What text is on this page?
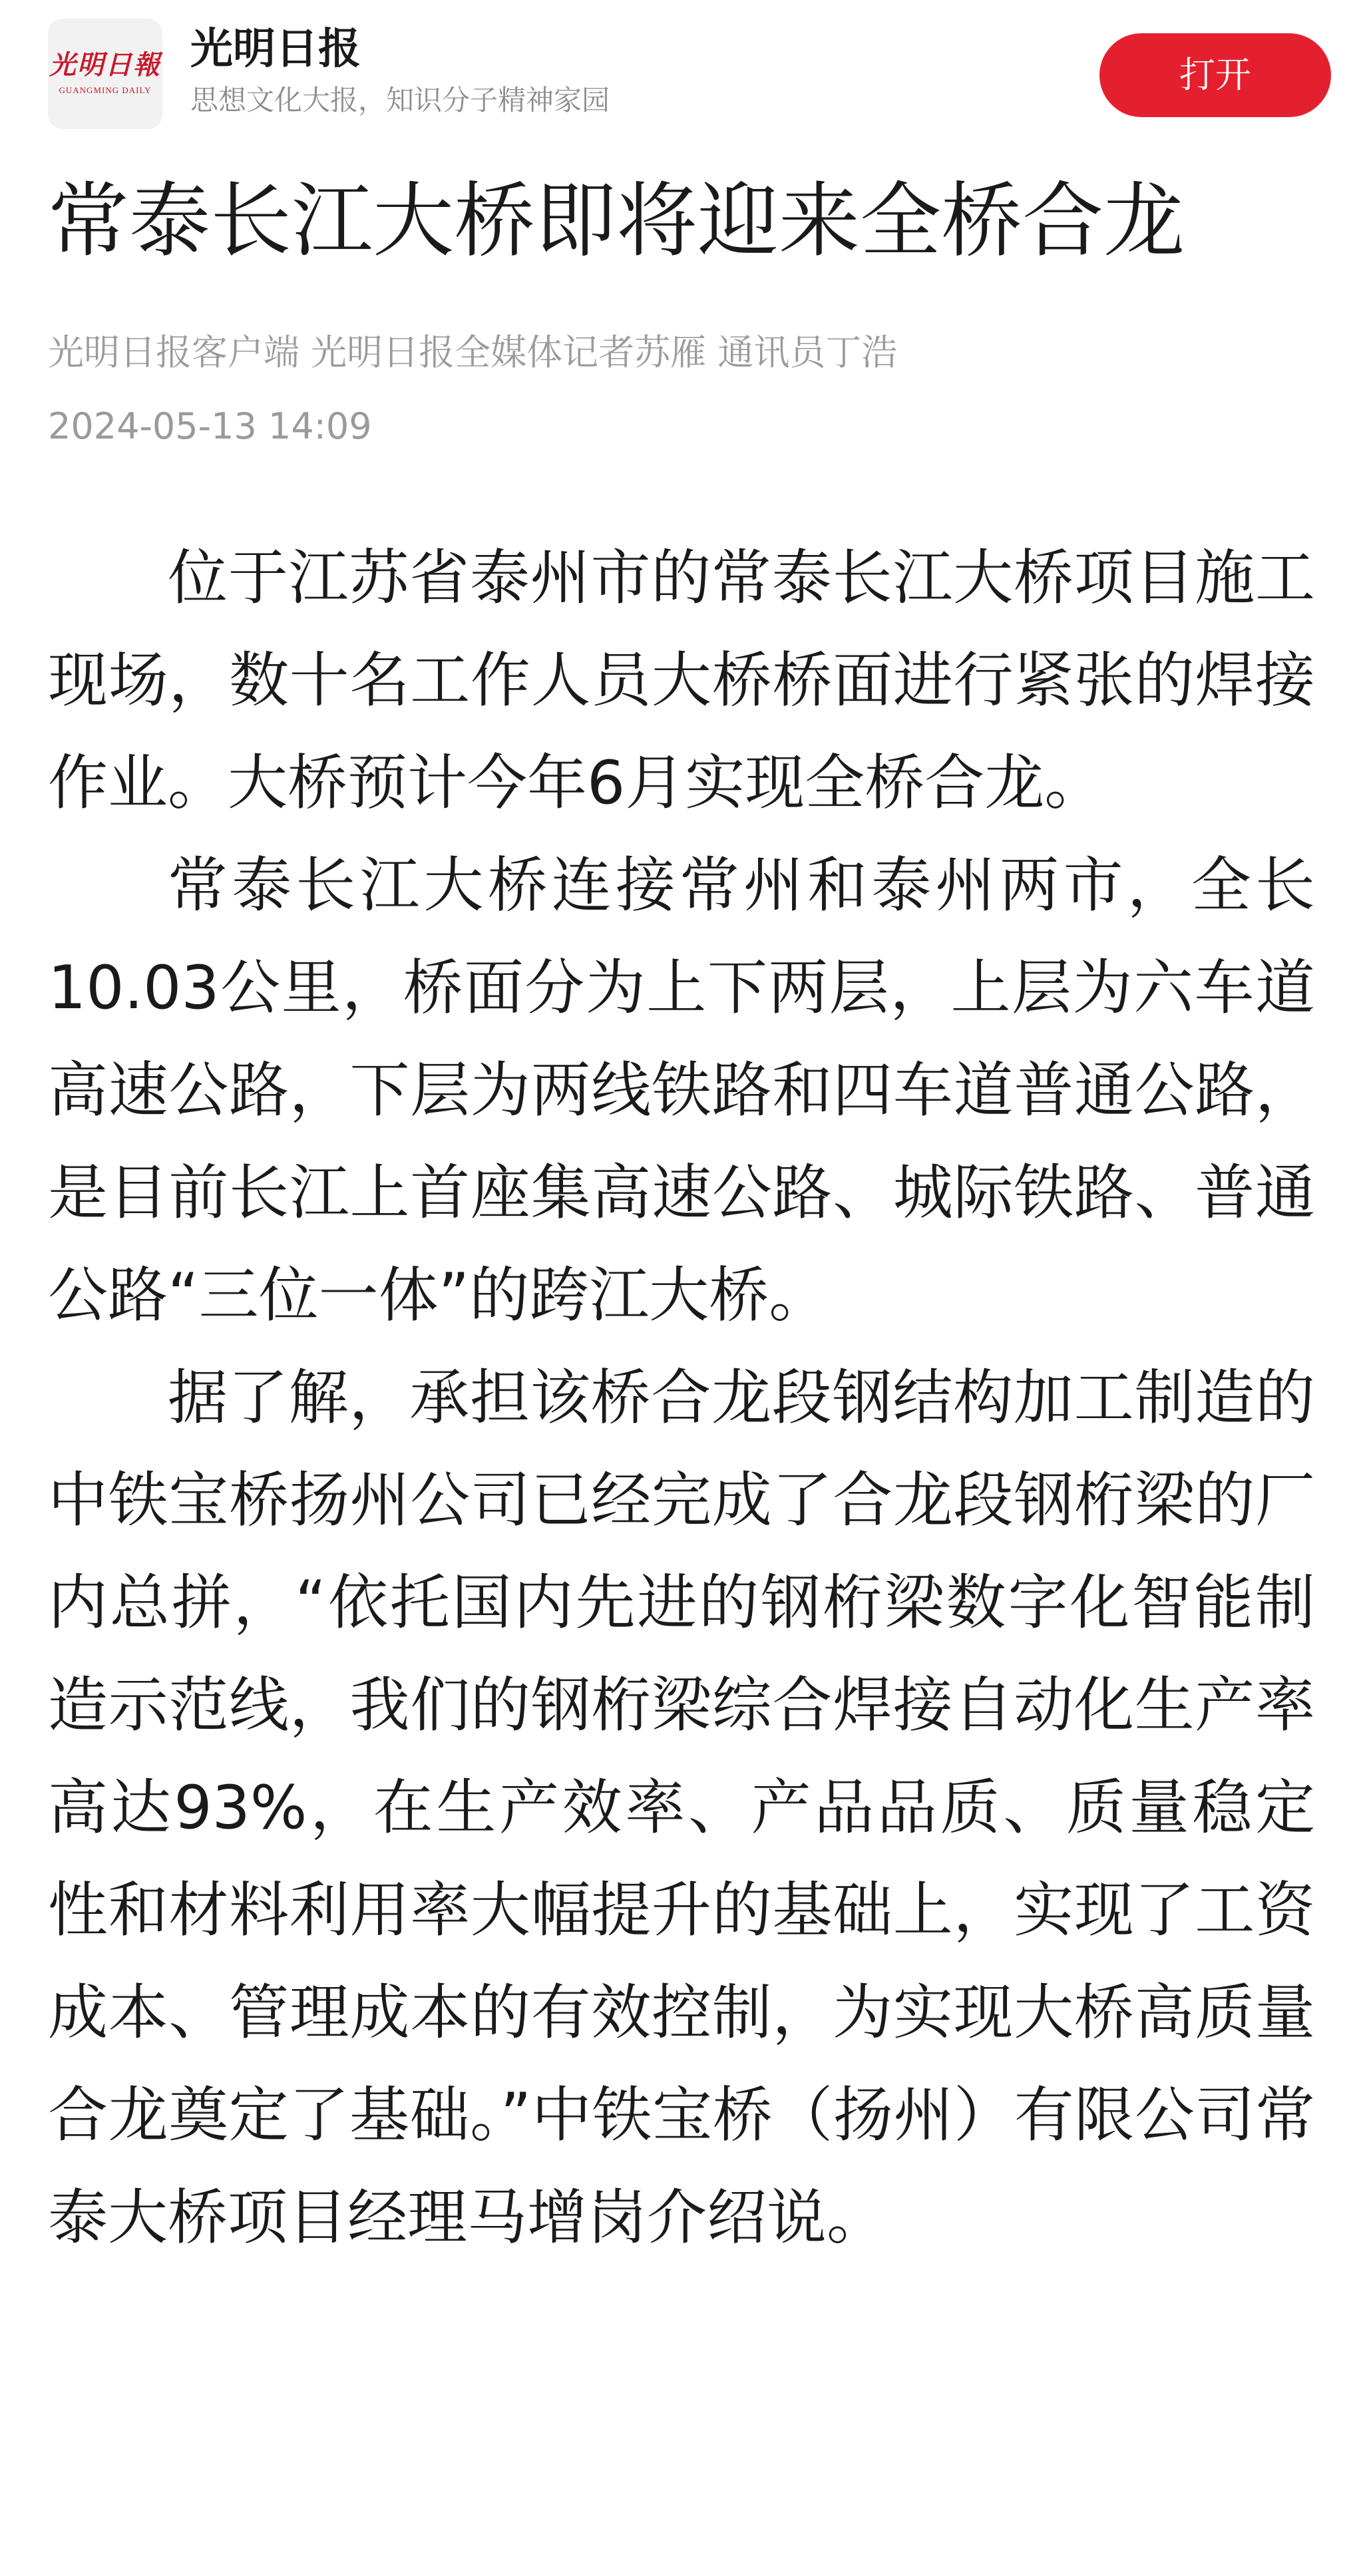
光明日報
GUANGMING DAILY
光明日报
思想文化大报，知识分子精神家园
打开
常泰长江大桥即将迎来全桥合龙
光明日报客户端 光明日报全媒体记者苏雁 通讯员丁浩
2024-05-13 14:09

位于江苏省泰州市的常泰长江大桥项目施工现场，数十名工作人员大桥桥面进行紧张的焊接作业。大桥预计今年6月实现全桥合龙。

常泰长江大桥连接常州和泰州两市，全长10.03公里，桥面分为上下两层，上层为六车道高速公路，下层为两线铁路和四车道普通公路，是目前长江上首座集高速公路、城际铁路、普通公路“三位一体”的跨江大桥。

据了解，承担该桥合龙段钢结构加工制造的中铁宝桥扬州公司已经完成了合龙段钢桁梁的厂内总拼，“依托国内先进的钢桁梁数字化智能制造示范线，我们的钢桁梁综合焊接自动化生产率高达93%，在生产效率、产品品质、质量稳定性和材料利用率大幅提升的基础上，实现了工资成本、管理成本的有效控制，为实现大桥高质量合龙奠定了基础。”中铁宝桥（扬州）有限公司常泰大桥项目经理马增岗介绍说。
